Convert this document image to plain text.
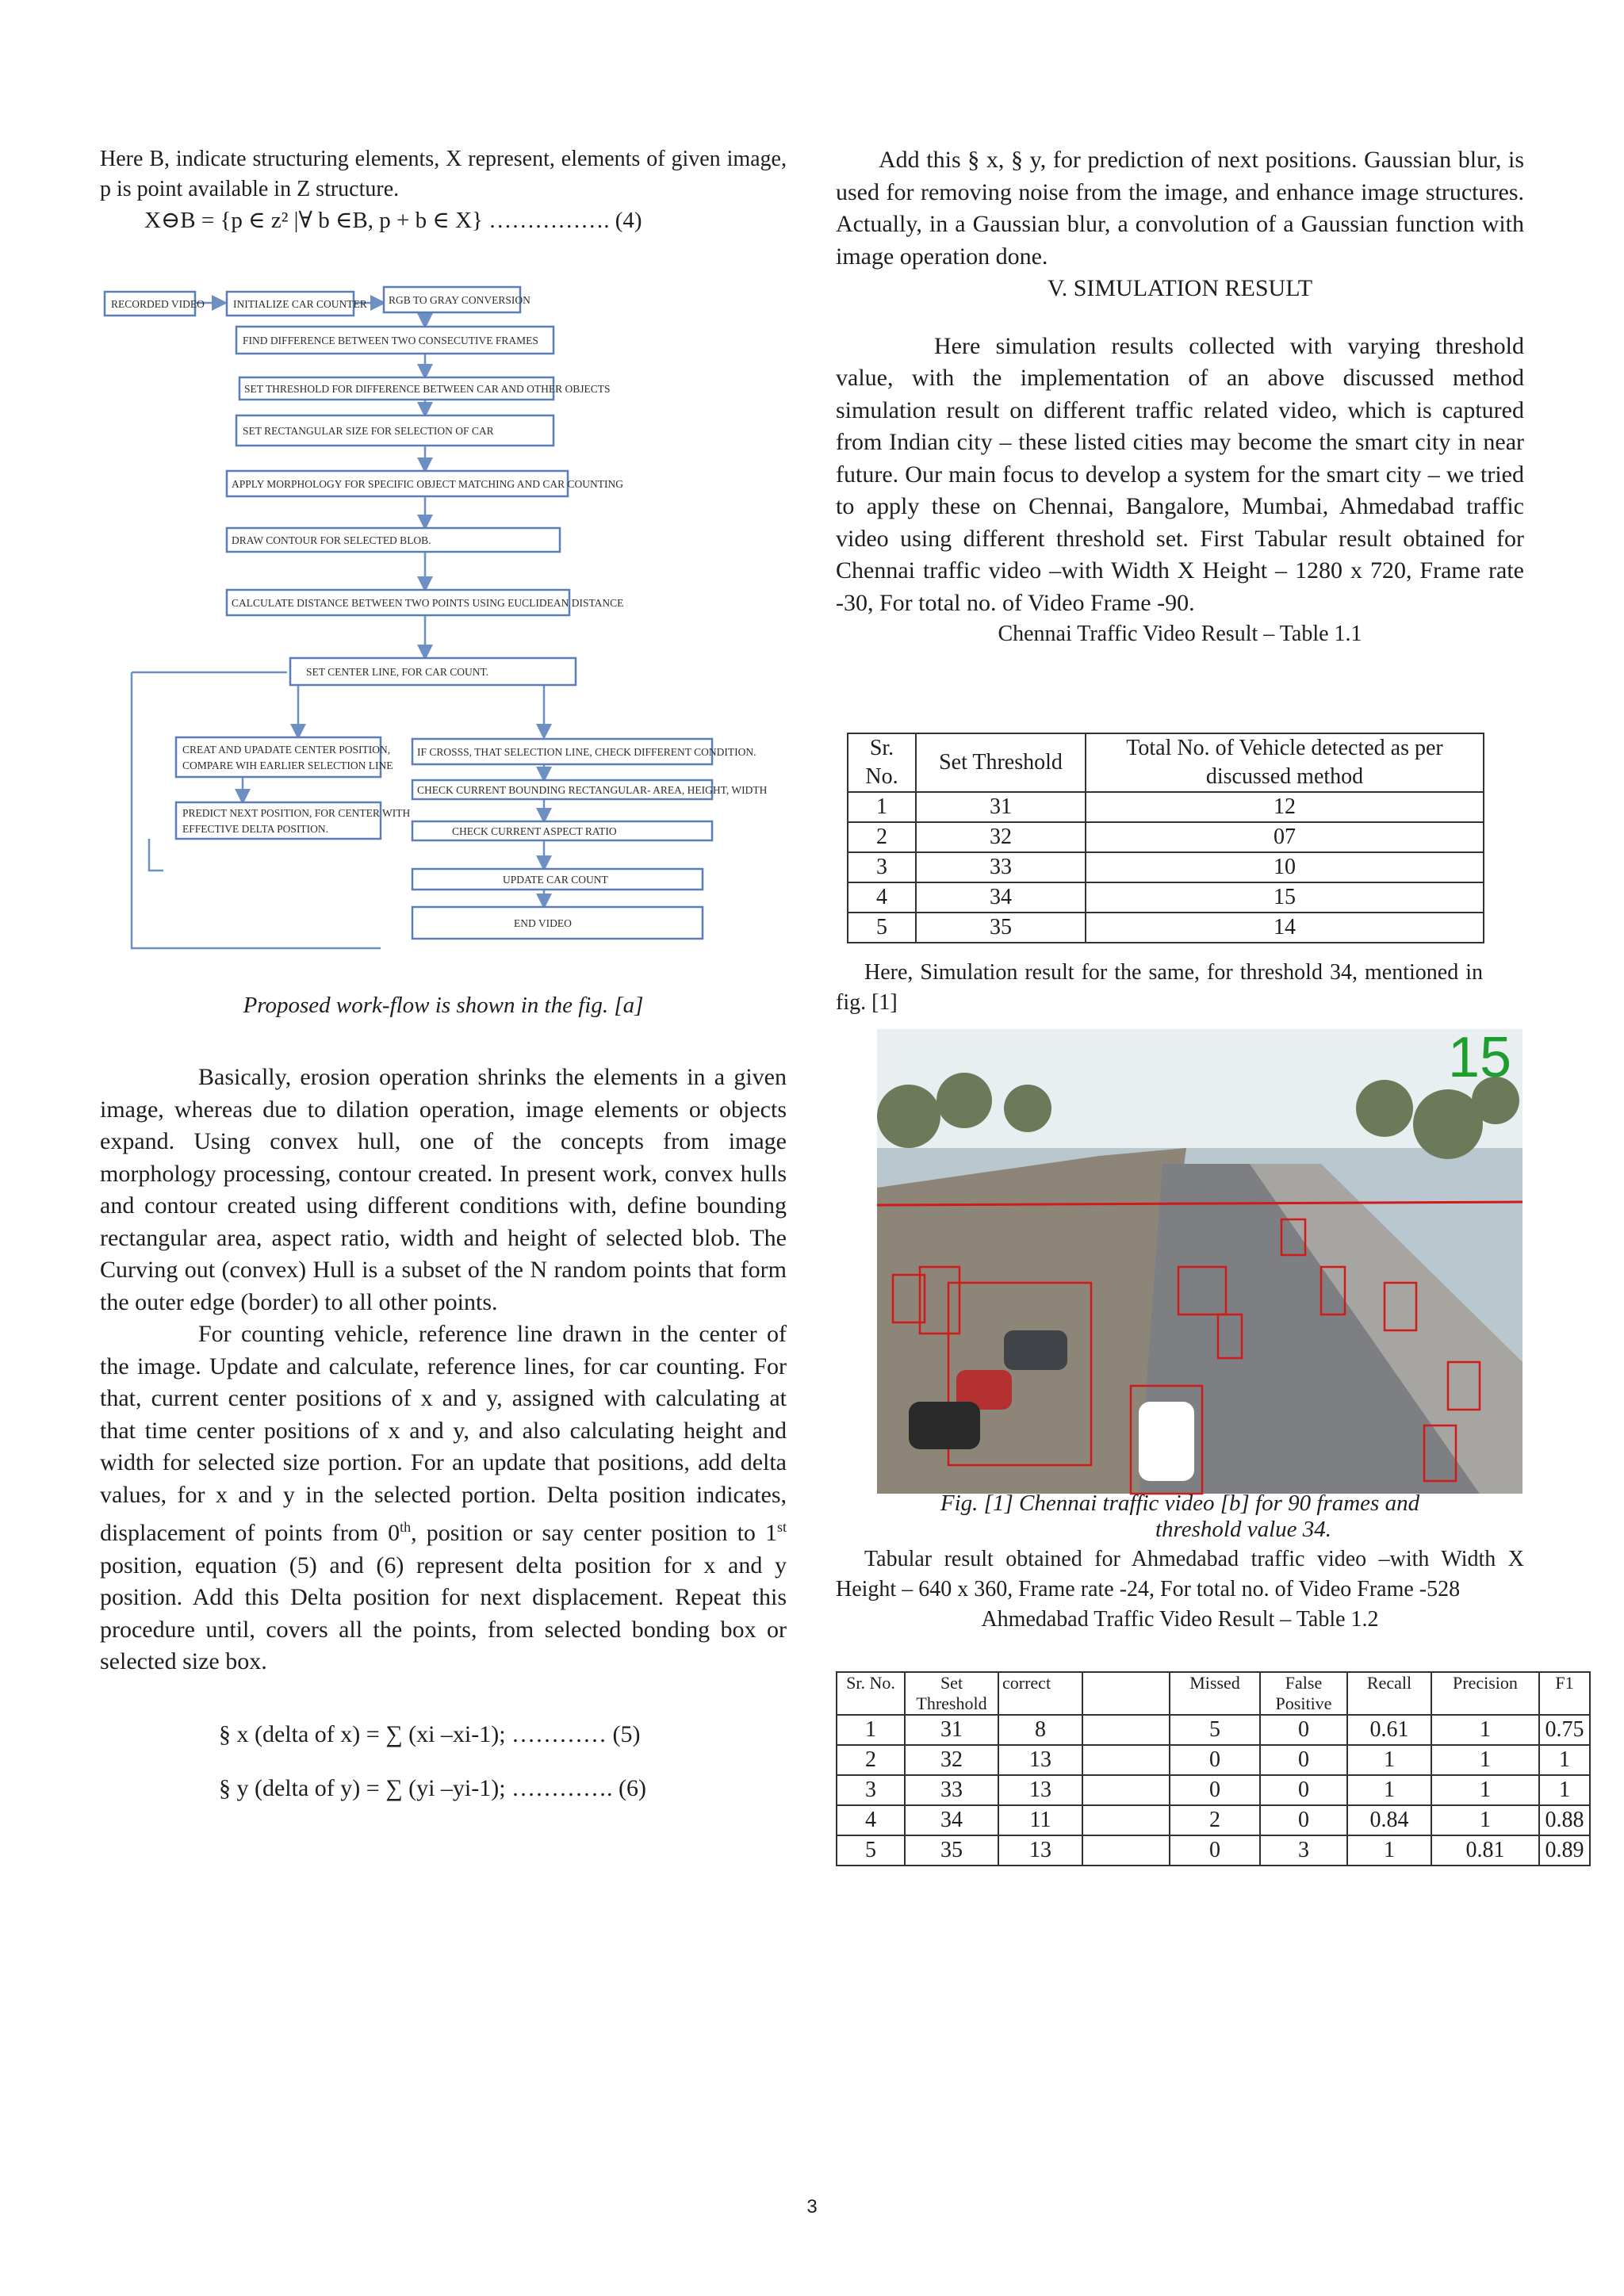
Here B, indicate structuring elements, X represent, elements of given image, p is point available in Z structure.

X⊖B = {p ∈ z² |∀ b ∈B, p + b ∈ X} ……………. (4)

RECORDED VIDEO	INITIALIZE CAR COUNTER RGB TO GRAY CONVERSION
FIND DIFFERENCE BETWEEN TWO CONSECUTIVE FRAMES
SET THRESHOLD FOR DIFFERENCE BETWEEN CAR AND OTHER OBJECTS
SET RECTANGULAR SIZE FOR SELECTION OF CAR
APPLY MORPHOLOGY FOR SPECIFIC OBJECT MATCHING AND CAR COUNTING
DRAW CONTOUR FOR SELECTED BLOB.
CALCULATE DISTANCE BETWEEN TWO POINTS USING EUCLIDEAN DISTANCE
SET CENTER LINE, FOR CAR COUNT.
CREAT AND UPADATE CENTER POSITION,
COMPARE WIH EARLIER SELECTION LINE
PREDICT NEXT POSITION, FOR CENTER WITH
EFFECTIVE DELTA POSITION.
IF CROSSS, THAT SELECTION LINE, CHECK DIFFERENT CONDITION.
CHECK CURRENT BOUNDING RECTANGULAR- AREA, HEIGHT, WIDTH
CHECK CURRENT ASPECT RATIO
UPDATE CAR COUNT
END VIDEO

Proposed work-flow is shown in the fig. [a]

Basically, erosion operation shrinks the elements in a given image, whereas due to dilation operation, image elements or objects expand. Using convex hull, one of the concepts from image morphology processing, contour created. In present work, convex hulls and contour created using different conditions with, define bounding rectangular area, aspect ratio, width and height of selected blob. The Curving out (convex) Hull is a subset of the N random points that form the outer edge (border) to all other points.

For counting vehicle, reference line drawn in the center of the image. Update and calculate, reference lines, for car counting. For that, current center positions of x and y, assigned with calculating at that time center positions of x and y, and also calculating height and width for selected size portion. For an update that positions, add delta values, for x and y in the selected portion. Delta position indicates, displacement of points from 0th, position or say center position to 1st position, equation (5) and (6) represent delta position for x and y position. Add this Delta position for next displacement. Repeat this procedure until, covers all the points, from selected bonding box or selected size box.

§ x (delta of x) = ∑ (xi –xi-1); ………… (5)

§ y (delta of y) = ∑ (yi –yi-1); …………. (6)

Add this § x, § y, for prediction of next positions. Gaussian blur, is used for removing noise from the image, and enhance image structures. Actually, in a Gaussian blur, a convolution of a Gaussian function with image operation done.

V. SIMULATION RESULT

Here simulation results collected with varying threshold value, with the implementation of an above discussed method simulation result on different traffic related video, which is captured from Indian city – these listed cities may become the smart city in near future. Our main focus to develop a system for the smart city – we tried to apply these on Chennai, Bangalore, Mumbai, Ahmedabad traffic video using different threshold set. First Tabular result obtained for Chennai traffic video –with Width X Height – 1280 x 720, Frame rate -30, For total no. of Video Frame -90.

Chennai Traffic Video Result – Table 1.1

Sr. No.	Set Threshold	Total No. of Vehicle detected as per discussed method
1	31	12
2	32	07
3	33	10
4	34	15
5	35	14

Here, Simulation result for the same, for threshold 34, mentioned in fig. [1]

15

Fig. [1] Chennai traffic video [b] for 90 frames and

threshold value 34.

Tabular result obtained for Ahmedabad traffic video –with Width X Height – 640 x 360, Frame rate -24, For total no. of Video Frame -528

Ahmedabad Traffic Video Result – Table 1.2

Sr. No.	Set Threshold	correct		Missed	False Positive	Recall	Precision	F1
1	31	8		5	0	0.61	1	0.75
2	32	13		0	0	1	1	1
3	33	13		0	0	1	1	1
4	34	11		2	0	0.84	1	0.88
5	35	13		0	3	1	0.81	0.89
3
